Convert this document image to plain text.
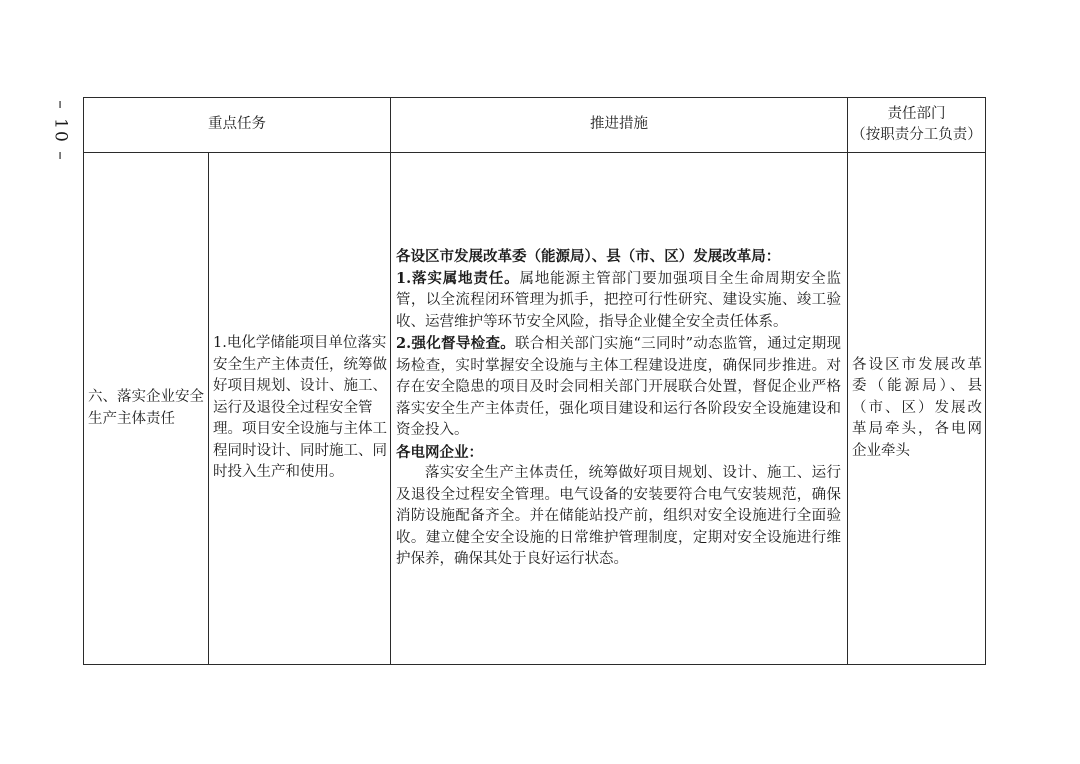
– 10 –	重点任务		推进措施	责任部门
（按职责分工负责）

六、落实企业安全生产主体责任	1.电化学储能项目单位落实安全生产主体责任，统筹做好项目规划、设计、施工、运行及退役全过程安全管理。项目安全设施与主体工程同时设计、同时施工、同时投入生产和使用。	各设区市发展改革委（能源局）、县（市、区）发展改革局：

1.落实属地责任。属地能源主管部门要加强项目全生命周期安全监管，以全流程闭环管理为抓手，把控可行性研究、建设实施、竣工验收、运营维护等环节安全风险，指导企业健全安全责任体系。

2.强化督导检查。联合相关部门实施“三同时”动态监管，通过定期现场检查，实时掌握安全设施与主体工程建设进度，确保同步推进。对存在安全隐患的项目及时会同相关部门开展联合处置，督促企业严格落实安全生产主体责任，强化项目建设和运行各阶段安全设施建设和资金投入。

各电网企业：

落实安全生产主体责任，统筹做好项目规划、设计、施工、运行及退役全过程安全管理。电气设备的安装要符合电气安装规范，确保消防设施配备齐全。并在储能站投产前，组织对安全设施进行全面验收。建立健全安全设施的日常维护管理制度，定期对安全设施进行维护保养，确保其处于良好运行状态。	各设区市发展改革委（能源局）、县（市、区）发展改革局牵头，各电网企业牵头
